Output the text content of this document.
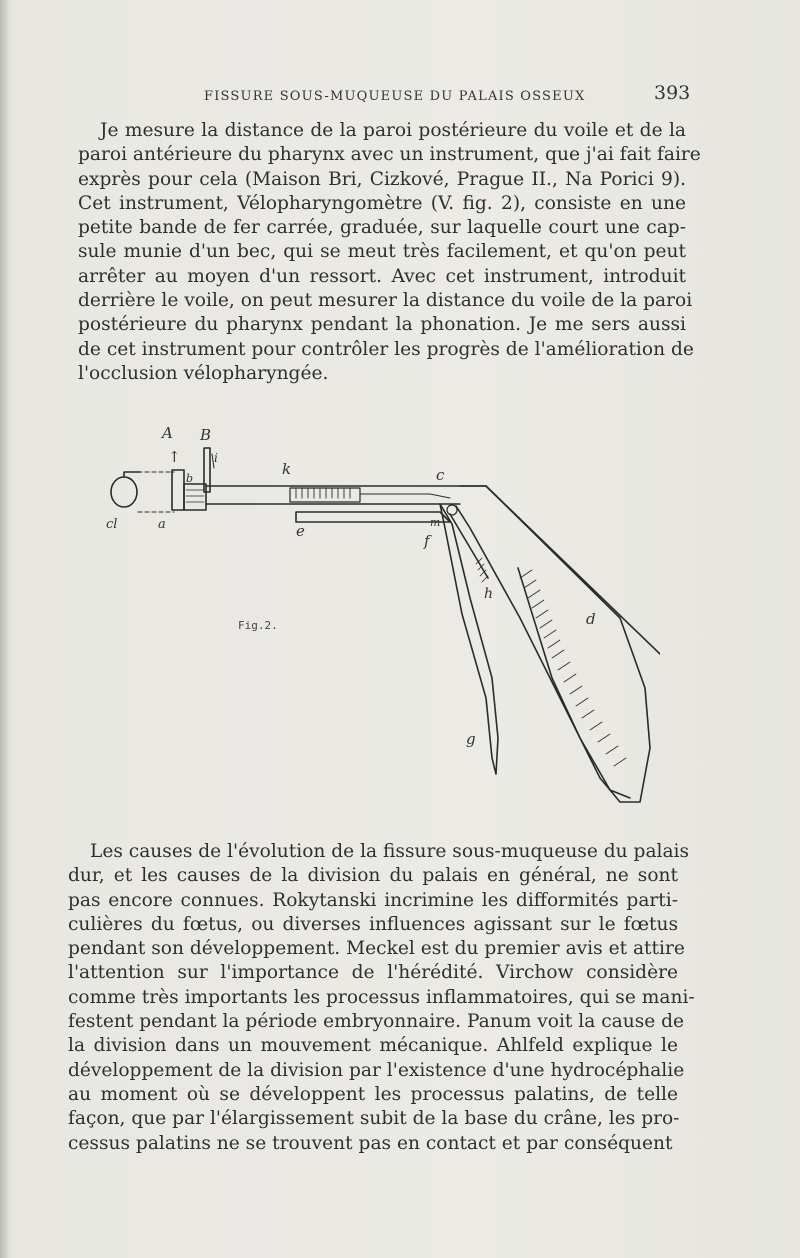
FISSURE SOUS-MUQUEUSE DU PALAIS OSSEUX	393
Je mesure la distance de la paroi postérieure du voile et de la
paroi antérieure du pharynx avec un instrument, que j'ai fait faire
exprès pour cela (Maison Bri, Cizkové, Prague II., Na Porici 9).
Cet instrument, Vélopharyngomètre (V. fig. 2), consiste en une
petite bande de fer carrée, graduée, sur laquelle court une cap-
sule munie d'un bec, qui se meut très facilement, et qu'on peut
arrêter au moyen d'un ressort. Avec cet instrument, introduit
derrière le voile, on peut mesurer la distance du voile de la paroi
postérieure du pharynx pendant la phonation. Je me sers aussi
de cet instrument pour contrôler les progrès de l'amélioration de
l'occlusion vélopharyngée.
A B
↑	i
b
k	c
m
e
f
h
d
g
a
cl
Fig.2.
Les causes de l'évolution de la fissure sous-muqueuse du palais
dur, et les causes de la division du palais en général, ne sont
pas encore connues. Rokytanski incrimine les difformités parti-
culières du fœtus, ou diverses influences agissant sur le fœtus
pendant son développement. Meckel est du premier avis et attire
l'attention sur l'importance de l'hérédité. Virchow considère
comme très importants les processus inflammatoires, qui se mani-
festent pendant la période embryonnaire. Panum voit la cause de
la division dans un mouvement mécanique. Ahlfeld explique le
développement de la division par l'existence d'une hydrocéphalie
au moment où se développent les processus palatins, de telle
façon, que par l'élargissement subit de la base du crâne, les pro-
cessus palatins ne se trouvent pas en contact et par conséquent
